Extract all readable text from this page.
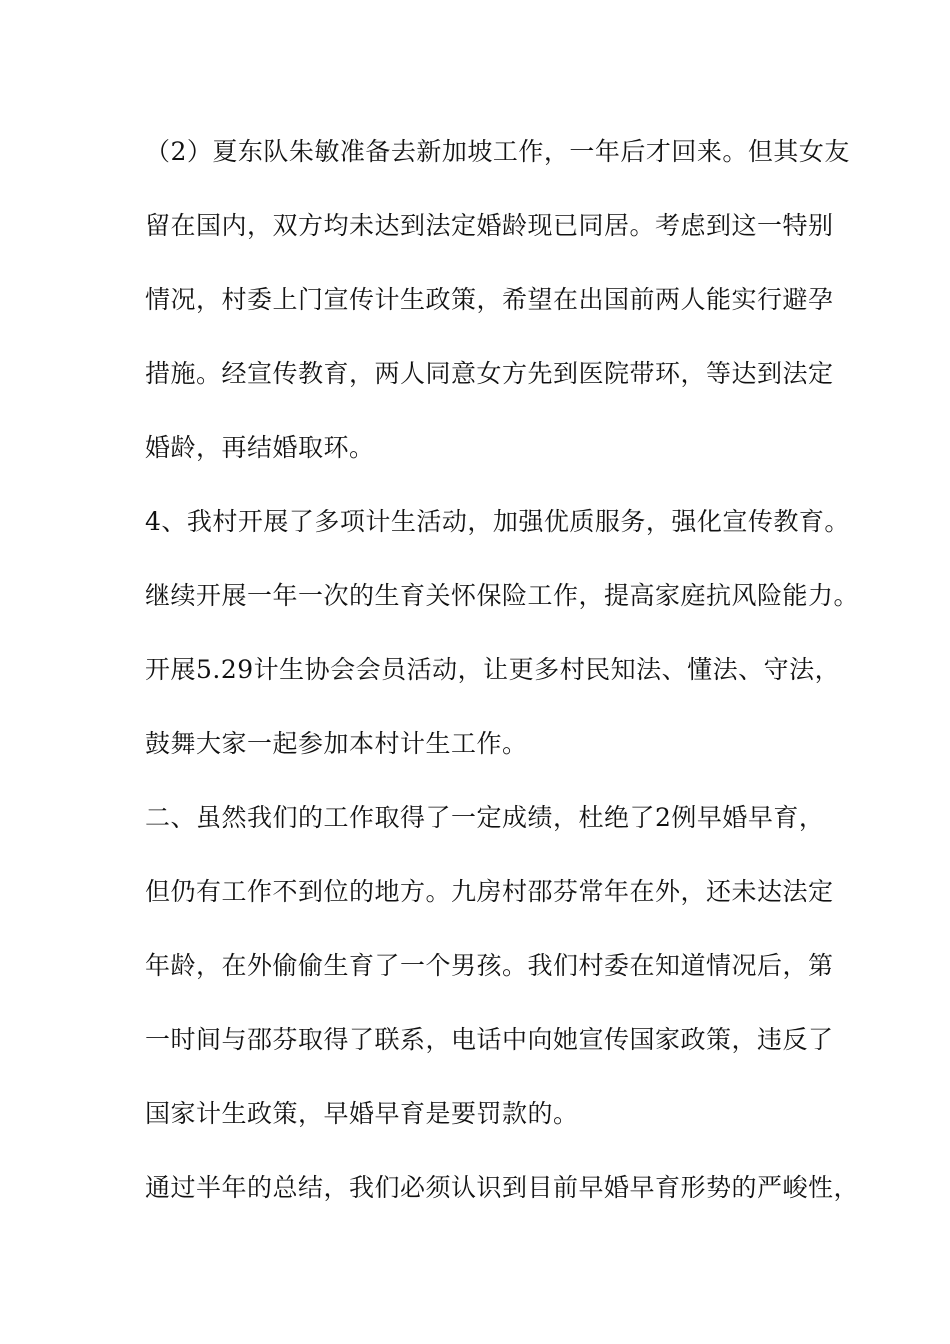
（2）夏东队朱敏准备去新加坡工作，一年后才回来。但其女友
留在国内，双方均未达到法定婚龄现已同居。考虑到这一特别
情况，村委上门宣传计生政策，希望在出国前两人能实行避孕
措施。经宣传教育，两人同意女方先到医院带环，等达到法定
婚龄，再结婚取环。
4、我村开展了多项计生活动，加强优质服务，强化宣传教育。
继续开展一年一次的生育关怀保险工作，提高家庭抗风险能力。
开展5.29计生协会会员活动，让更多村民知法、懂法、守法，
鼓舞大家一起参加本村计生工作。
二、虽然我们的工作取得了一定成绩，杜绝了2例早婚早育，
但仍有工作不到位的地方。九房村邵芬常年在外，还未达法定
年龄，在外偷偷生育了一个男孩。我们村委在知道情况后，第
一时间与邵芬取得了联系，电话中向她宣传国家政策，违反了
国家计生政策，早婚早育是要罚款的。
通过半年的总结，我们必须认识到目前早婚早育形势的严峻性，
